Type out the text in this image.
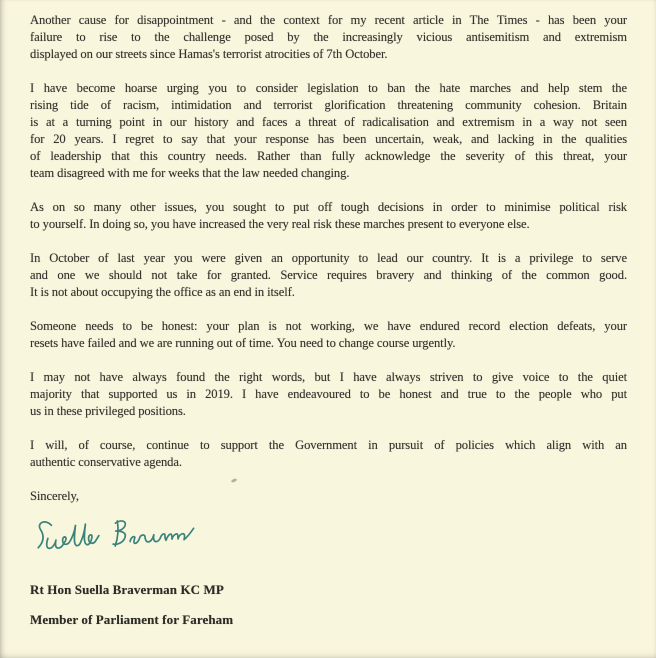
Another cause for disappointment - and the context for my recent article in The Times - has been your
failure to rise to the challenge posed by the increasingly vicious antisemitism and extremism
displayed on our streets since Hamas's terrorist atrocities of 7th October.
I have become hoarse urging you to consider legislation to ban the hate marches and help stem the
rising tide of racism, intimidation and terrorist glorification threatening community cohesion. Britain
is at a turning point in our history and faces a threat of radicalisation and extremism in a way not seen
for 20 years. I regret to say that your response has been uncertain, weak, and lacking in the qualities
of leadership that this country needs. Rather than fully acknowledge the severity of this threat, your
team disagreed with me for weeks that the law needed changing.
As on so many other issues, you sought to put off tough decisions in order to minimise political risk
to yourself. In doing so, you have increased the very real risk these marches present to everyone else.
In October of last year you were given an opportunity to lead our country. It is a privilege to serve
and one we should not take for granted. Service requires bravery and thinking of the common good.
It is not about occupying the office as an end in itself.
Someone needs to be honest: your plan is not working, we have endured record election defeats, your
resets have failed and we are running out of time. You need to change course urgently.
I may not have always found the right words, but I have always striven to give voice to the quiet
majority that supported us in 2019. I have endeavoured to be honest and true to the people who put
us in these privileged positions.
I will, of course, continue to support the Government in pursuit of policies which align with an
authentic conservative agenda.
Sincerely,
Rt Hon Suella Braverman KC MP
Member of Parliament for Fareham
